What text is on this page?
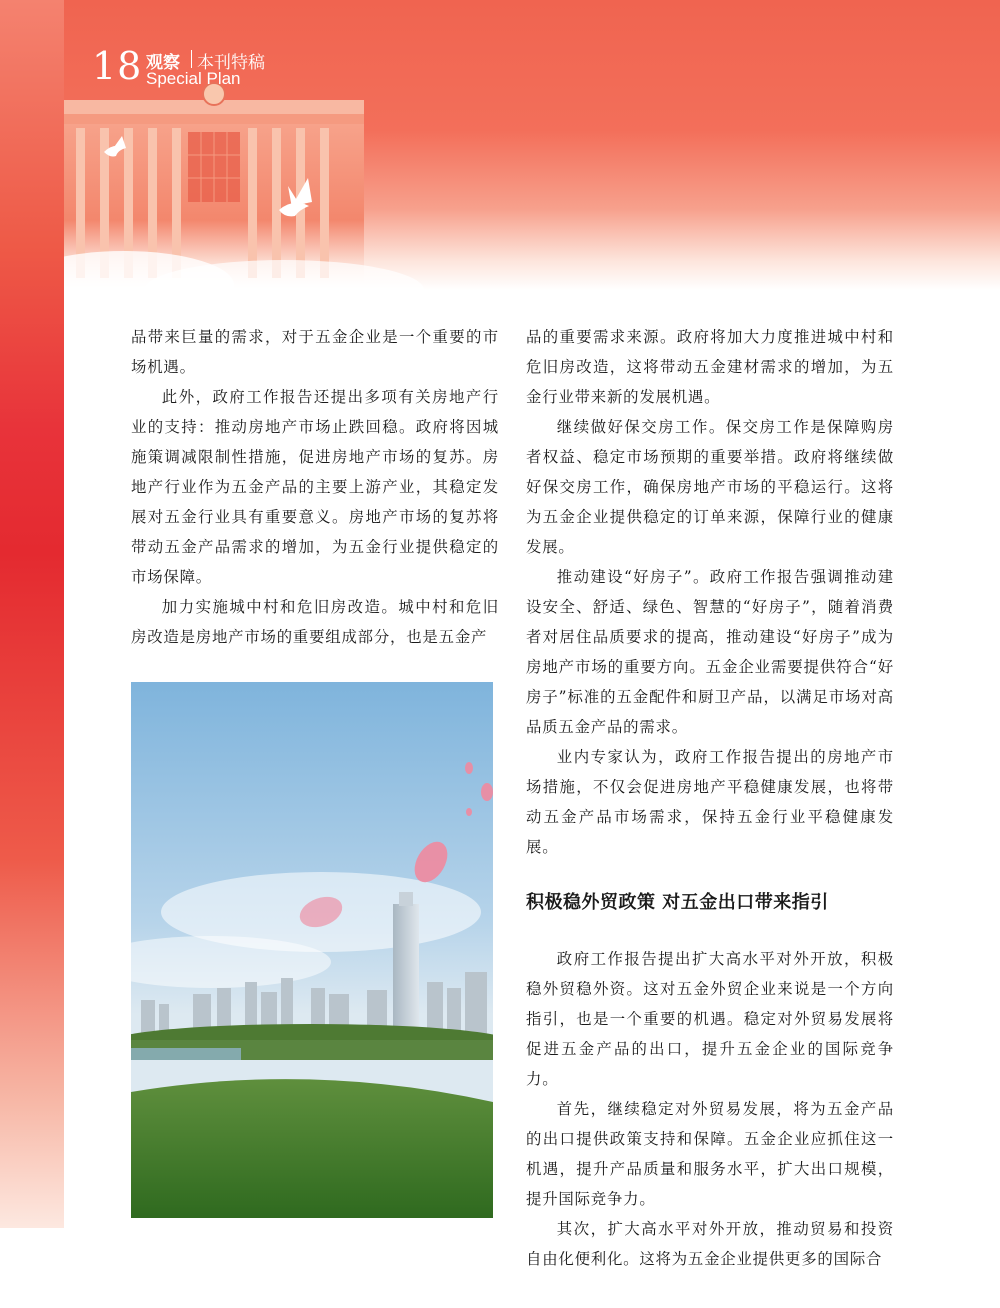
18 观察 本刊特稿
Special Plan

品带来巨量的需求，对于五金企业是一个重要的市场机遇。

此外，政府工作报告还提出多项有关房地产行业的支持：推动房地产市场止跌回稳。政府将因城施策调减限制性措施，促进房地产市场的复苏。房地产行业作为五金产品的主要上游产业，其稳定发展对五金行业具有重要意义。房地产市场的复苏将带动五金产品需求的增加，为五金行业提供稳定的市场保障。

加力实施城中村和危旧房改造。城中村和危旧房改造是房地产市场的重要组成部分，也是五金产

品的重要需求来源。政府将加大力度推进城中村和危旧房改造，这将带动五金建材需求的增加，为五金行业带来新的发展机遇。

继续做好保交房工作。保交房工作是保障购房者权益、稳定市场预期的重要举措。政府将继续做好保交房工作，确保房地产市场的平稳运行。这将为五金企业提供稳定的订单来源，保障行业的健康发展。

推动建设“好房子”。政府工作报告强调推动建设安全、舒适、绿色、智慧的“好房子”，随着消费者对居住品质要求的提高，推动建设“好房子”成为房地产市场的重要方向。五金企业需要提供符合“好房子”标准的五金配件和厨卫产品，以满足市场对高品质五金产品的需求。

业内专家认为，政府工作报告提出的房地产市场措施，不仅会促进房地产平稳健康发展，也将带动五金产品市场需求，保持五金行业平稳健康发展。

积极稳外贸政策 对五金出口带来指引

政府工作报告提出扩大高水平对外开放，积极稳外贸稳外资。这对五金外贸企业来说是一个方向指引，也是一个重要的机遇。稳定对外贸易发展将促进五金产品的出口，提升五金企业的国际竞争力。

首先，继续稳定对外贸易发展，将为五金产品的出口提供政策支持和保障。五金企业应抓住这一机遇，提升产品质量和服务水平，扩大出口规模，提升国际竞争力。

其次，扩大高水平对外开放，推动贸易和投资自由化便利化。这将为五金企业提供更多的国际合
